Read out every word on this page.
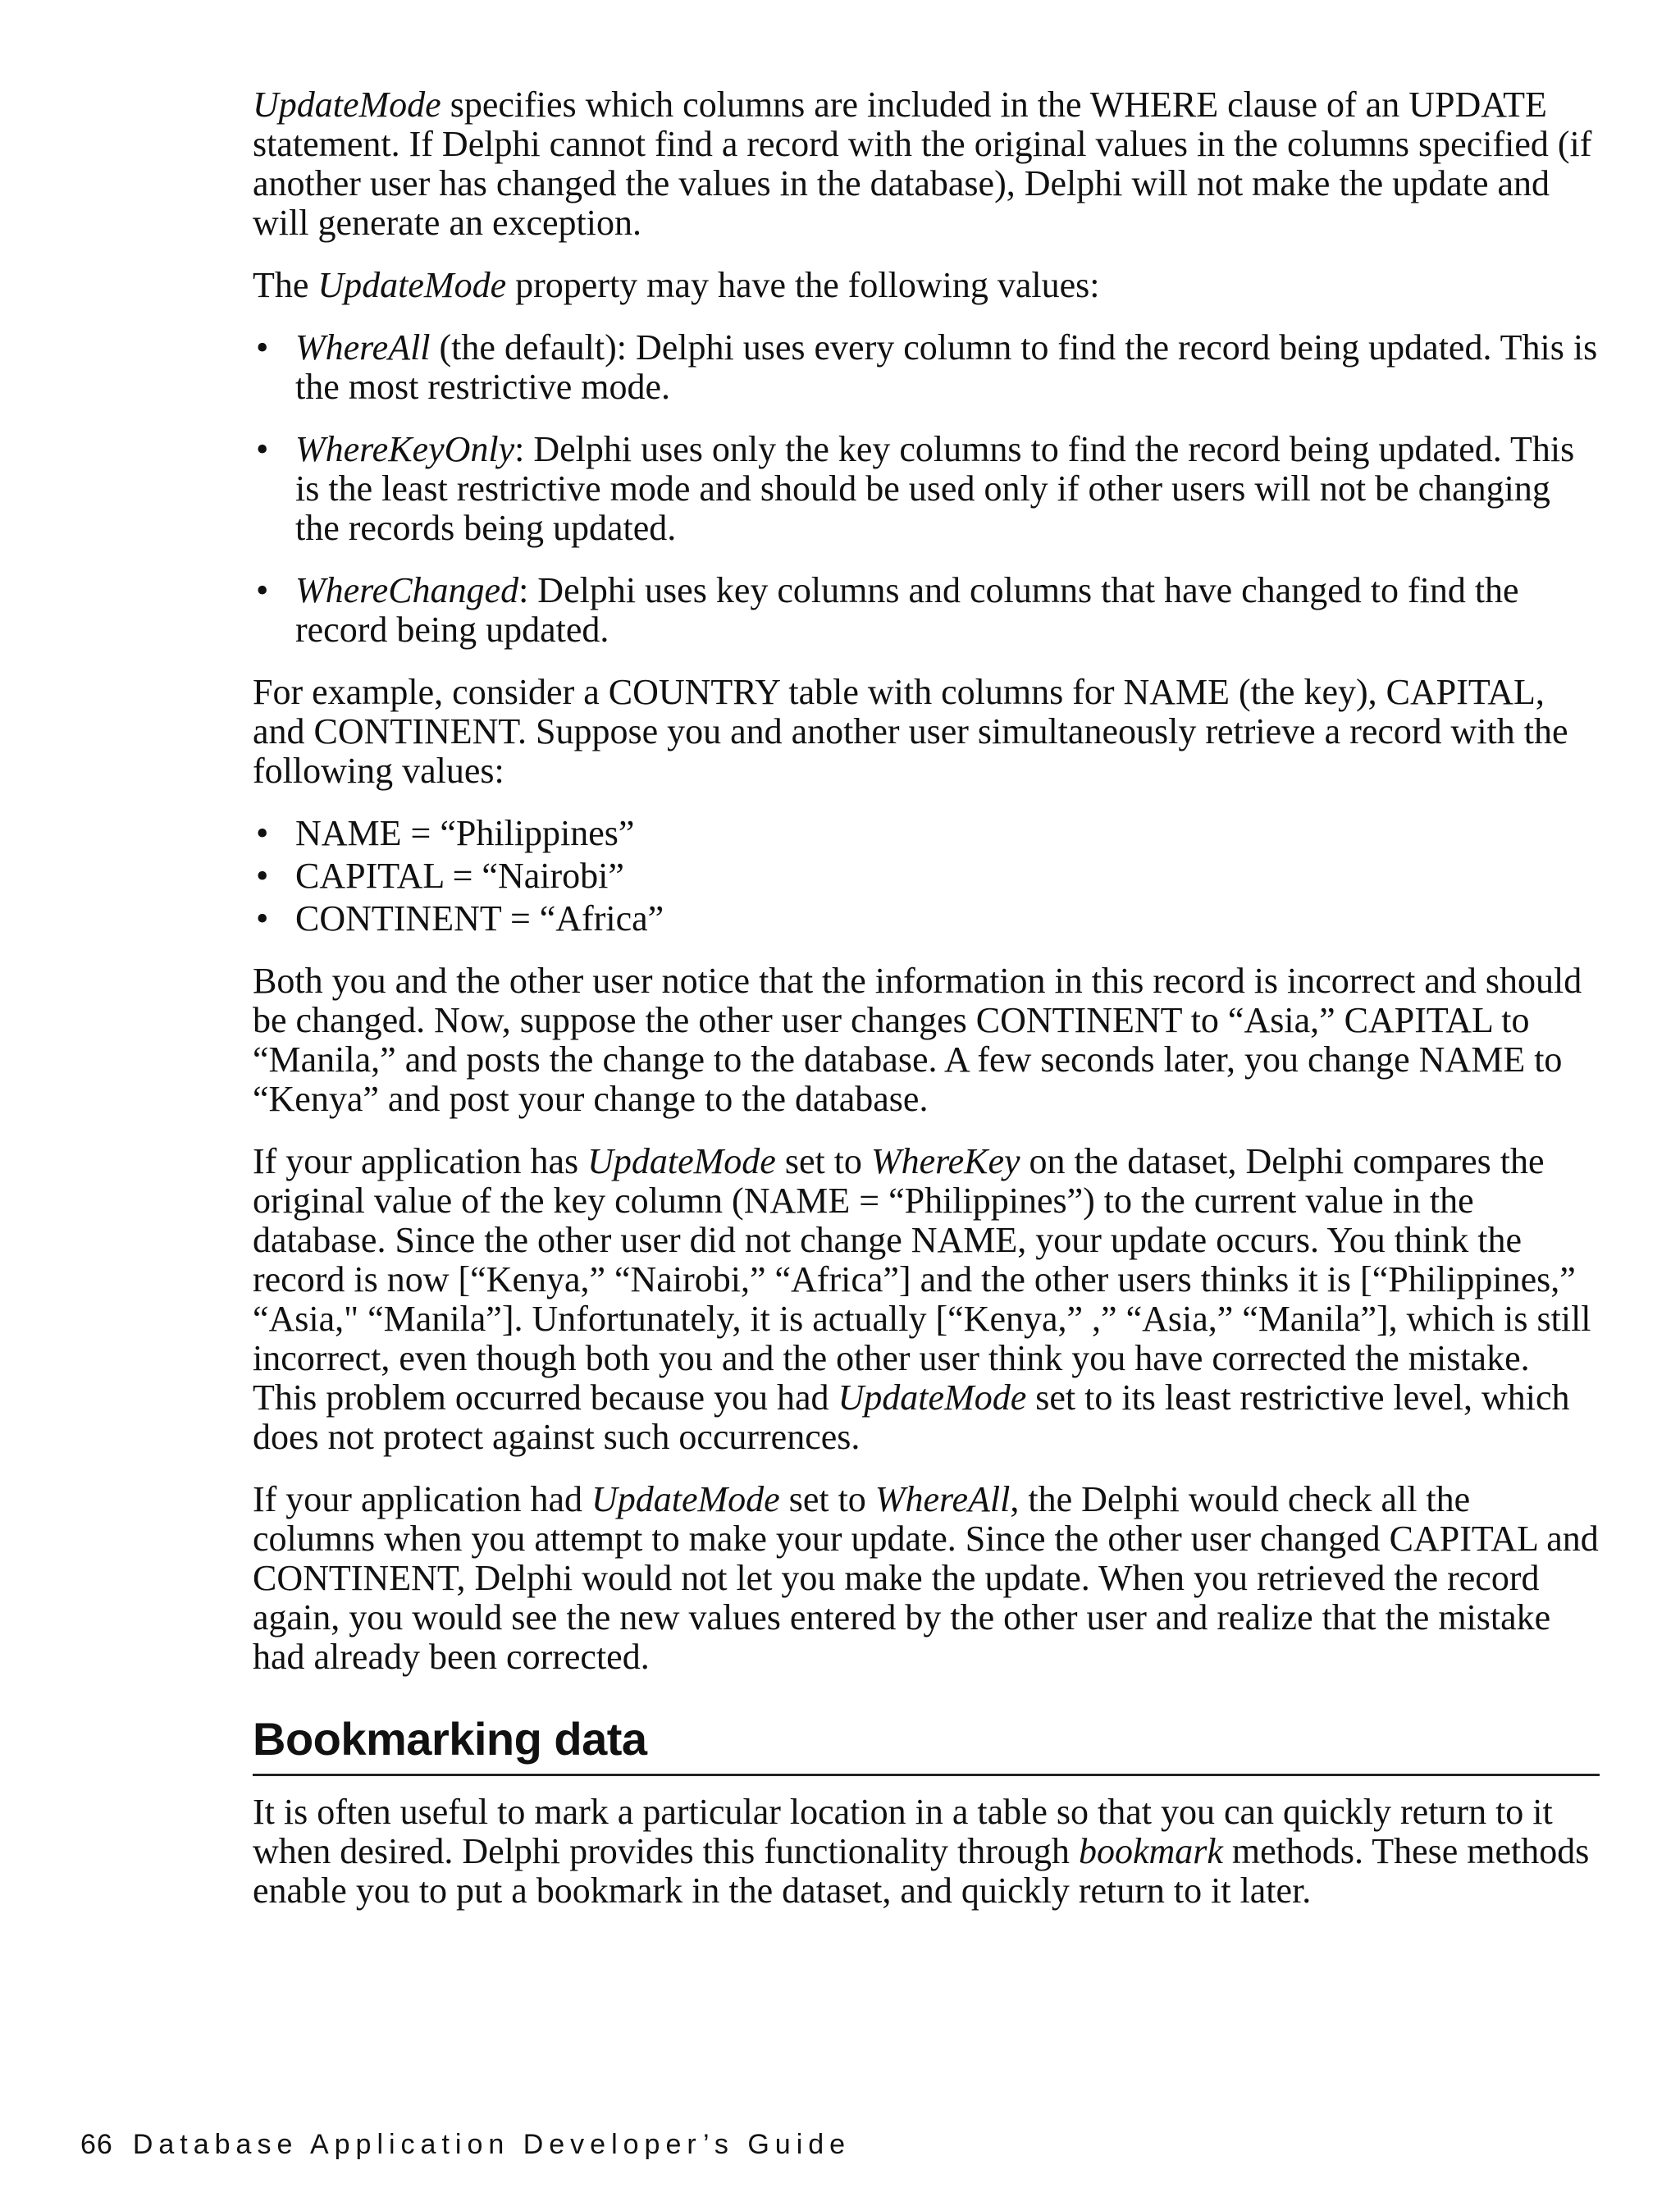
UpdateMode specifies which columns are included in the WHERE clause of an UPDATE statement. If Delphi cannot find a record with the original values in the columns specified (if another user has changed the values in the database), Delphi will not make the update and will generate an exception.

The UpdateMode property may have the following values:

• WhereAll (the default): Delphi uses every column to find the record being updated. This is the most restrictive mode.
• WhereKeyOnly: Delphi uses only the key columns to find the record being updated. This is the least restrictive mode and should be used only if other users will not be changing the records being updated.
• WhereChanged: Delphi uses key columns and columns that have changed to find the record being updated.

For example, consider a COUNTRY table with columns for NAME (the key), CAPITAL, and CONTINENT. Suppose you and another user simultaneously retrieve a record with the following values:

• NAME = “Philippines”
• CAPITAL = “Nairobi”
• CONTINENT = “Africa”

Both you and the other user notice that the information in this record is incorrect and should be changed. Now, suppose the other user changes CONTINENT to “Asia,” CAPITAL to “Manila,” and posts the change to the database. A few seconds later, you change NAME to “Kenya” and post your change to the database.

If your application has UpdateMode set to WhereKey on the dataset, Delphi compares the original value of the key column (NAME = “Philippines”) to the current value in the database. Since the other user did not change NAME, your update occurs. You think the record is now [“Kenya,” “Nairobi,” “Africa”] and the other users thinks it is [“Philippines,” “Asia," “Manila”]. Unfortunately, it is actually [“Kenya,” ,” “Asia,” “Manila”], which is still incorrect, even though both you and the other user think you have corrected the mistake. This problem occurred because you had UpdateMode set to its least restrictive level, which does not protect against such occurrences.

If your application had UpdateMode set to WhereAll, the Delphi would check all the columns when you attempt to make your update. Since the other user changed CAPITAL and CONTINENT, Delphi would not let you make the update. When you retrieved the record again, you would see the new values entered by the other user and realize that the mistake had already been corrected.

Bookmarking data

It is often useful to mark a particular location in a table so that you can quickly return to it when desired. Delphi provides this functionality through bookmark methods. These methods enable you to put a bookmark in the dataset, and quickly return to it later.

66 Database Application Developer’s Guide
